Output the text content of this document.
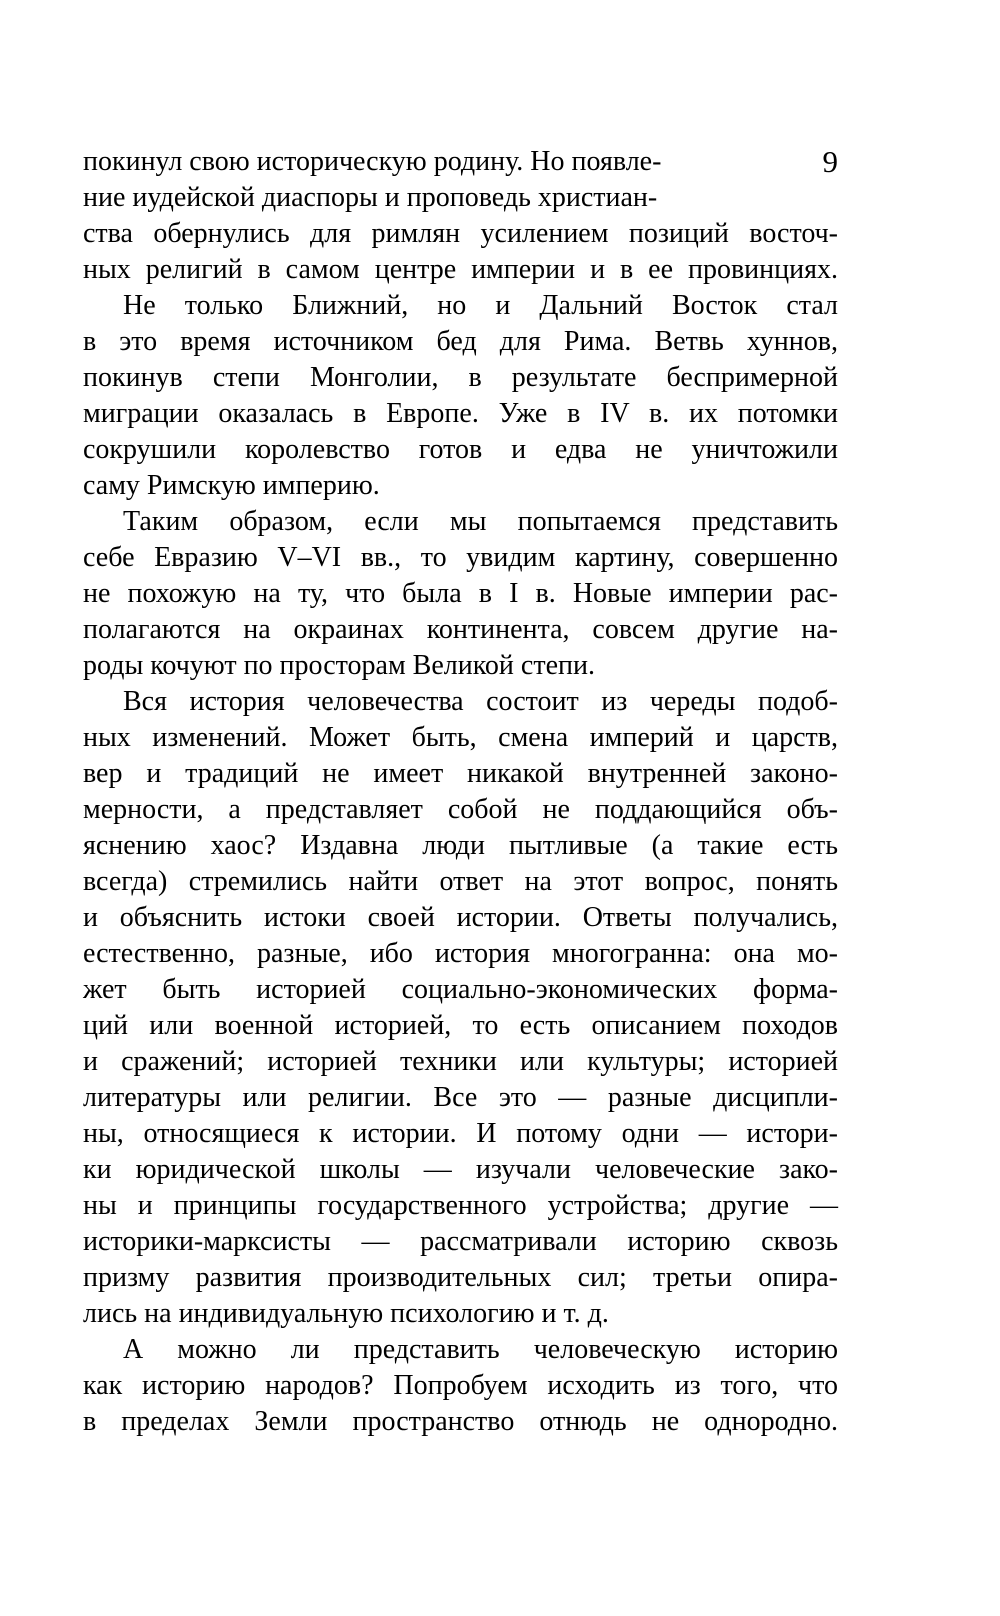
9
покинул свою историческую родину. Но появле-
ние иудейской диаспоры и проповедь христиан-
ства обернулись для римлян усилением позиций восточ-
ных религий в самом центре империи и в ее провинциях.
Не только Ближний, но и Дальний Восток стал
в это время источником бед для Рима. Ветвь хуннов,
покинув степи Монголии, в результате беспримерной
миграции оказалась в Европе. Уже в IV в. их потомки
сокрушили королевство готов и едва не уничтожили
саму Римскую империю.
Таким образом, если мы попытаемся представить
себе Евразию V–VI вв., то увидим картину, совершенно
не похожую на ту, что была в I в. Новые империи рас-
полагаются на окраинах континента, совсем другие на-
роды кочуют по просторам Великой степи.
Вся история человечества состоит из череды подоб-
ных изменений. Может быть, смена империй и царств,
вер и традиций не имеет никакой внутренней законо-
мерности, а представляет собой не поддающийся объ-
яснению хаос? Издавна люди пытливые (а такие есть
всегда) стремились найти ответ на этот вопрос, понять
и объяснить истоки своей истории. Ответы получались,
естественно, разные, ибо история многогранна: она мо-
жет быть историей социально-экономических форма-
ций или военной историей, то есть описанием походов
и сражений; историей техники или культуры; историей
литературы или религии. Все это — разные дисципли-
ны, относящиеся к истории. И потому одни — истори-
ки юридической школы — изучали человеческие зако-
ны и принципы государственного устройства; другие —
историки-марксисты — рассматривали историю сквозь
призму развития производительных сил; третьи опира-
лись на индивидуальную психологию и т. д.
А можно ли представить человеческую историю
как историю народов? Попробуем исходить из того, что
в пределах Земли пространство отнюдь не однородно.
